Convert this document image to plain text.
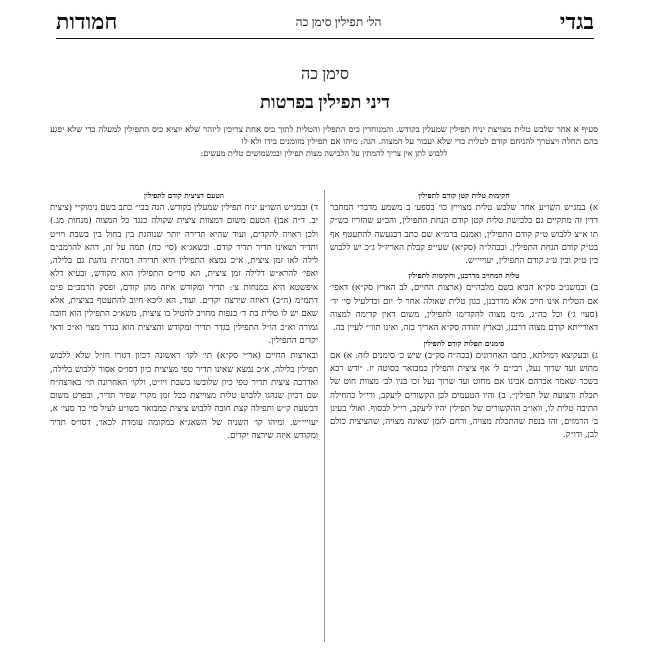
בגדי
הל׳ תפילין סימן כה
חמודות
סימן כה
דיני תפילין בפרטות
סעיף א אחר שלבש טלית מצויצת יניח תפילין שמעלין בקודש. והמנוחדין כיס התפלין והטלית לתוך כיס אחת צריכין ליזהר שלא יוציא כיס התפילין למעלה כדי שלא יפגע בהם תחלה ויצטרך להניחם קודם לטלית כדי שלא יעבור על המצוה. הגה: מיהו אם תפילין מזומנים בידו ולא לו
ללבוש לתן אין צריך להמתין על הלבישה מצות תפילין ובמשמושים טלית מעשים:
חקימות טלית קטן קודם לתפילין

א) במג״ש השו״ע אחר שלבש טלית מצוייץ כו׳ בספע׳ ב משמע מדברי המחבר דדין זה מתקיים גם בלבישת טלית קטן קודם הנחת התפילין, והכ״ע שהזריז בש״ק תו א״צ ללבוש ט״ק קודם התפילין, ואמנם ברמ״א שם כתב דבנעשה להתעטף אף בט״ק קודם הנחת התפילין. ובבהל״ה (סק״א) שעי״פ קבלת האריז״ל ג״כ יש ללבוש בין ט״ק ובין ט״ג קודם התפילין, יעוייי״ש.

טלית המחויב מדרבנן, וחקימות לתפילין

ב) ובמשנ״ב סק״א הביא בשם מלבהיים (ארצות החיים, לב הארץ סק״א) דאפי׳ אם הטלית אינו חייב אלא מדרבנן, כגון טלית שאולה אחר ל׳ יום וכדלעיל סי׳ יד׳ (סעי׳ ג׳) וכל כה״ג, מ״מ מצוה להקדימו לתפילין, משום דאין קדימה למצוה דאורייתא קודם מצוה דרבנן, ובארץ יהודה סק״א האריך בזה, ואינו תוו׳״ לעיין בה.

סימנים תפלות קודם לתפילין

ג) ובעקיצא דמילתא, כתבו האחרונים (בכה״ח סק״ב) שיש כ׳ סימנים לזה: א) אם מתוש ועד שרוך נעל, רבי״ם ל׳ אף ציצית ותפילין כמבואר בסוטה יז. ״ודש רבא בשכר שאמר אברהם אבינו אם מחוט ועד שרוך נעל זכו בניו לב׳ מצוות חוט של תכלת ורצועה של תפילין״. ב) והיו הטעמים לכן הקשורים ליעקב, ורי״ל כהחילה התיבה טלית לו, וואו״ב ההקשורים של תפילין יהיו ליעקב, רי״ל לבסוף. ואולי בעינן ב׳ הרמזים, זהו בנפת שהתכלת מצויה, ורחם לזמן שאינה מצויה, שהציצית כולם לבן, ודו״ק.

הטעם דציצית קודם לתפילין

ד) ובמג״ש השו״ע יניח תפילין שמעלין בקודש. הנה בבי״ כתב בשם נימוק״י (ציצית יב. ד״ה אבן) הטעם משום דמצוות ציצית שקולה כנגד כל המצוה (מנחות מג.) ולכן ראויה להקדים, ועוד שהיא תדירה יותר שנוהגת בין בחול בין בשבת ויו״ט ותדיר ושאינו תדיר תדיר קודם. ובשאג״א (סי׳ כח) תמה על זה, דהא להרמב״ם לילה לאו זמן ציצית, א״כ נמצא התפילין היא תדירה דמה״ת נוהגת גם בלילה, ואפי׳ להרא״ש דלילה זמן ציצית, הא סוי״ס התפילין הוא מקודש, ובעיא דלא איפשטא היא במנחות צ׳: תדיר ומקודש איזה מהן קודם, ופסק הרמב״ם פ״ט דתמ״מ (ה״ב) דאיזה שירצה יקדים. ועוד, הא ליכא חיוב להתעטף בציצית, אלא שאם יש לו טלית בת ד׳ כנפות מחויב להטיל בו ציצית, משא״כ התפילין הוא חובה גמורה וא״כ הו״ל התפילין בגדר תדיר ומקודש והציצית הוא בגדר מצוי וא״כ ודאי יקדים התפילין.

ובארצות החיים (אר״י סק״א) תי׳ לקו׳ ראשונה דכיון דגזרו חז״ל שלא ללבוש תפילין בלילה, א״כ נמצא שאינו תדיר טפי מציצית כיון דסו״ס אסור ללבוש בלילה, ואדרבה ציצית תדיר טפי כיון שלובשו בשבת ויו״ט, ולקו׳ האחרונה תי׳ בארצה״ח שם דכיון שנהגו ללבוש טלית מצוייצת ככל זמן מקרי שפיר תדיר, ובפרט משום דבשעת ק״ש ותפילה קצת חובה ללבוש ציצית כמבואר בשו״ע לעיל סי׳ כד סעי׳ א, יעוייי״ש. ומיהו קו׳ השניה של השאג״א במקומה עומדת לכאו׳, דסו״ס תדיר ומקודש איזה שירצה יקדים.
